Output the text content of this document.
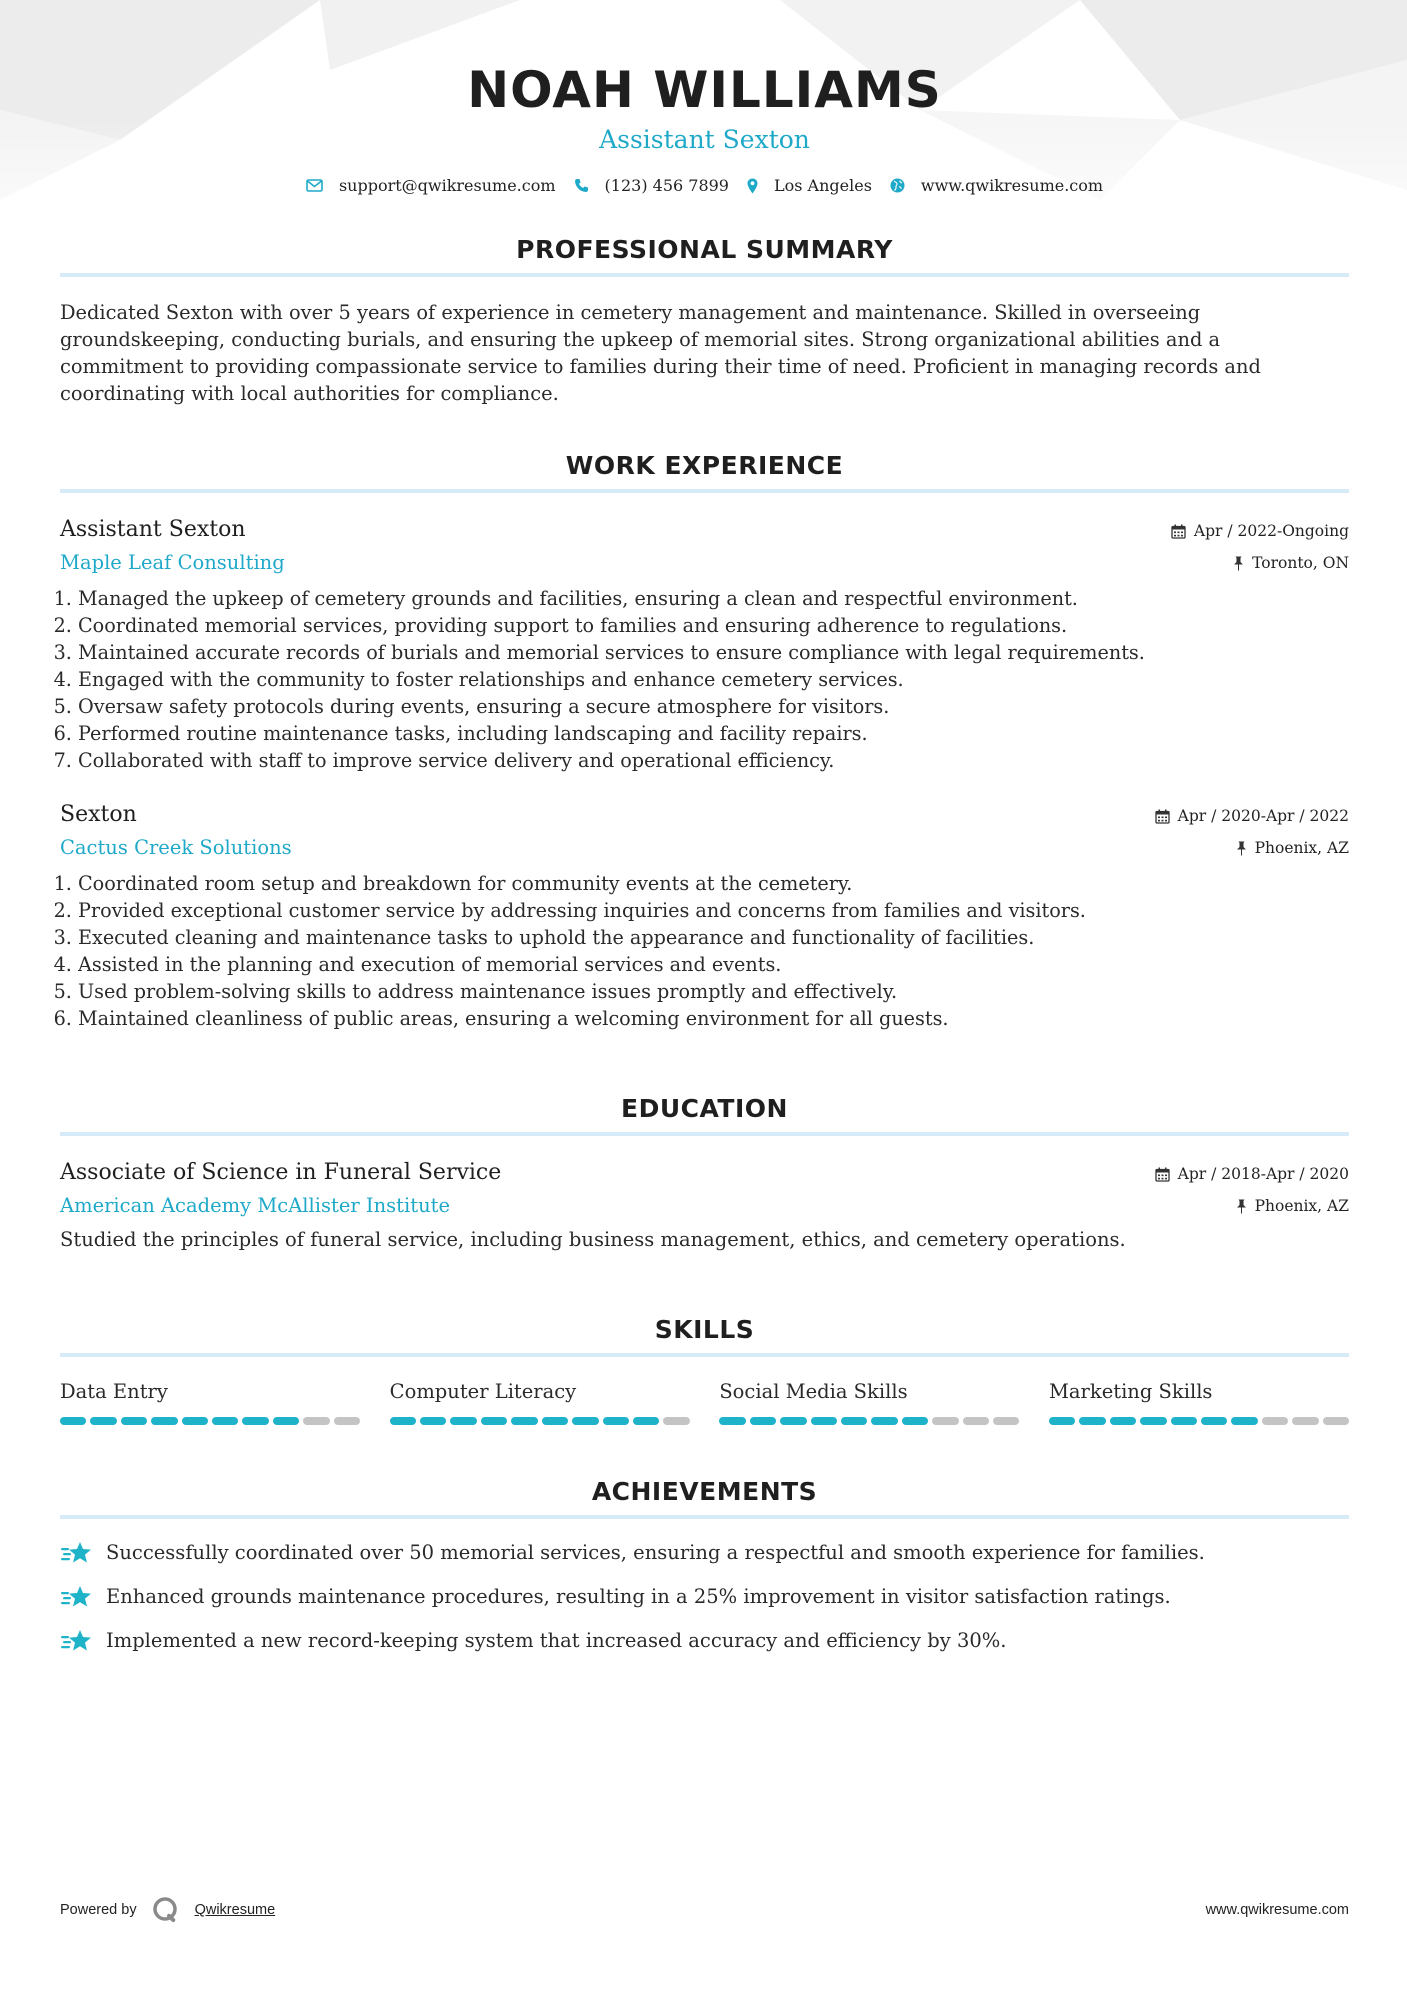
NOAH WILLIAMS
Assistant Sexton
support@qwikresume.com	(123) 456 7899	Los Angeles	www.qwikresume.com
PROFESSIONAL SUMMARY
Dedicated Sexton with over 5 years of experience in cemetery management and maintenance. Skilled in overseeing groundskeeping, conducting burials, and ensuring the upkeep of memorial sites. Strong organizational abilities and a commitment to providing compassionate service to families during their time of need. Proficient in managing records and coordinating with local authorities for compliance.
WORK EXPERIENCE
Assistant Sexton
Maple Leaf Consulting
Apr / 2022-Ongoing
Toronto, ON
1. Managed the upkeep of cemetery grounds and facilities, ensuring a clean and respectful environment.
2. Coordinated memorial services, providing support to families and ensuring adherence to regulations.
3. Maintained accurate records of burials and memorial services to ensure compliance with legal requirements.
4. Engaged with the community to foster relationships and enhance cemetery services.
5. Oversaw safety protocols during events, ensuring a secure atmosphere for visitors.
6. Performed routine maintenance tasks, including landscaping and facility repairs.
7. Collaborated with staff to improve service delivery and operational efficiency.
Sexton
Cactus Creek Solutions
Apr / 2020-Apr / 2022
Phoenix, AZ
1. Coordinated room setup and breakdown for community events at the cemetery.
2. Provided exceptional customer service by addressing inquiries and concerns from families and visitors.
3. Executed cleaning and maintenance tasks to uphold the appearance and functionality of facilities.
4. Assisted in the planning and execution of memorial services and events.
5. Used problem-solving skills to address maintenance issues promptly and effectively.
6. Maintained cleanliness of public areas, ensuring a welcoming environment for all guests.
EDUCATION
Associate of Science in Funeral Service
American Academy McAllister Institute
Apr / 2018-Apr / 2020
Phoenix, AZ
Studied the principles of funeral service, including business management, ethics, and cemetery operations.
SKILLS
Data Entry	Computer Literacy	Social Media Skills	Marketing Skills
ACHIEVEMENTS
Successfully coordinated over 50 memorial services, ensuring a respectful and smooth experience for families.
Enhanced grounds maintenance procedures, resulting in a 25% improvement in visitor satisfaction ratings.
Implemented a new record-keeping system that increased accuracy and efficiency by 30%.
Powered by	Qwikresume	www.qwikresume.com
